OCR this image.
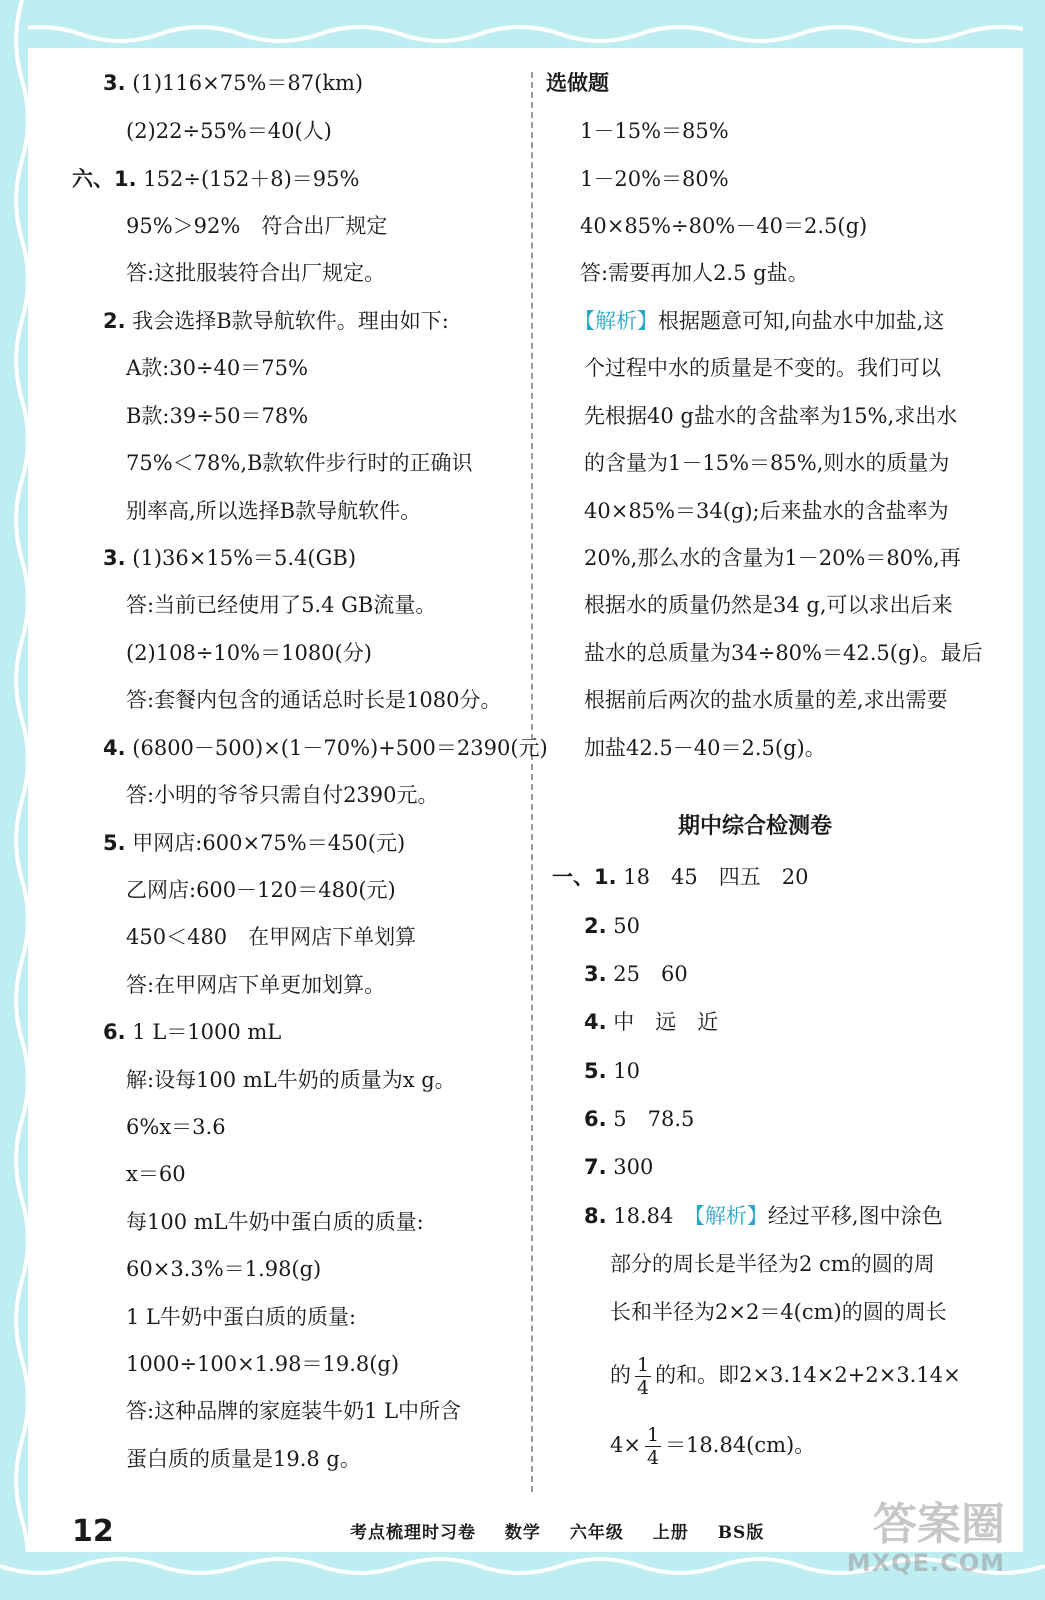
3. (1)116×75%＝87(km)
(2)22÷55%＝40(人)
六、1. 152÷(152＋8)＝95%
95%＞92%　符合出厂规定
答:这批服装符合出厂规定。
2. 我会选择B款导航软件。理由如下:
A款:30÷40＝75%
B款:39÷50＝78%
75%＜78%,B款软件步行时的正确识
别率高,所以选择B款导航软件。
3. (1)36×15%＝5.4(GB)
答:当前已经使用了5.4 GB流量。
(2)108÷10%＝1080(分)
答:套餐内包含的通话总时长是1080分。
4. (6800－500)×(1－70%)+500＝2390(元)
答:小明的爷爷只需自付2390元。
5. 甲网店:600×75%＝450(元)
乙网店:600－120＝480(元)
450＜480　在甲网店下单划算
答:在甲网店下单更加划算。
6. 1 L＝1000 mL
解:设每100 mL牛奶的质量为x g。
6%x＝3.6
x＝60
每100 mL牛奶中蛋白质的质量:
60×3.3%＝1.98(g)
1 L牛奶中蛋白质的质量:
1000÷100×1.98＝19.8(g)
答:这种品牌的家庭装牛奶1 L中所含
蛋白质的质量是19.8 g。
选做题
1－15%＝85%
1－20%＝80%
40×85%÷80%－40＝2.5(g)
答:需要再加人2.5 g盐。
【解析】根据题意可知,向盐水中加盐,这
个过程中水的质量是不变的。我们可以
先根据40 g盐水的含盐率为15%,求出水
的含量为1－15%＝85%,则水的质量为
40×85%＝34(g);后来盐水的含盐率为
20%,那么水的含量为1－20%＝80%,再
根据水的质量仍然是34 g,可以求出后来
盐水的总质量为34÷80%＝42.5(g)。最后
根据前后两次的盐水质量的差,求出需要
加盐42.5－40＝2.5(g)。
期中综合检测卷
一、1. 18　45　四五　20
2. 50
3. 25　60
4. 中　远　近
5. 10
6. 5　78.5
7. 300
8. 18.84　 【解析】经过平移,图中涂色
部分的周长是半径为2 cm的圆的周
长和半径为2×2＝4(cm)的圆的周长
的 $\frac{1}{4}$ 的和。即2×3.14×2+2×3.14×
$4\times \frac{1}{4} =18.84(cm)$。
12	考点梳理时习卷 数学 六年级 上册 BS版	答案圈
MXQE.COM
